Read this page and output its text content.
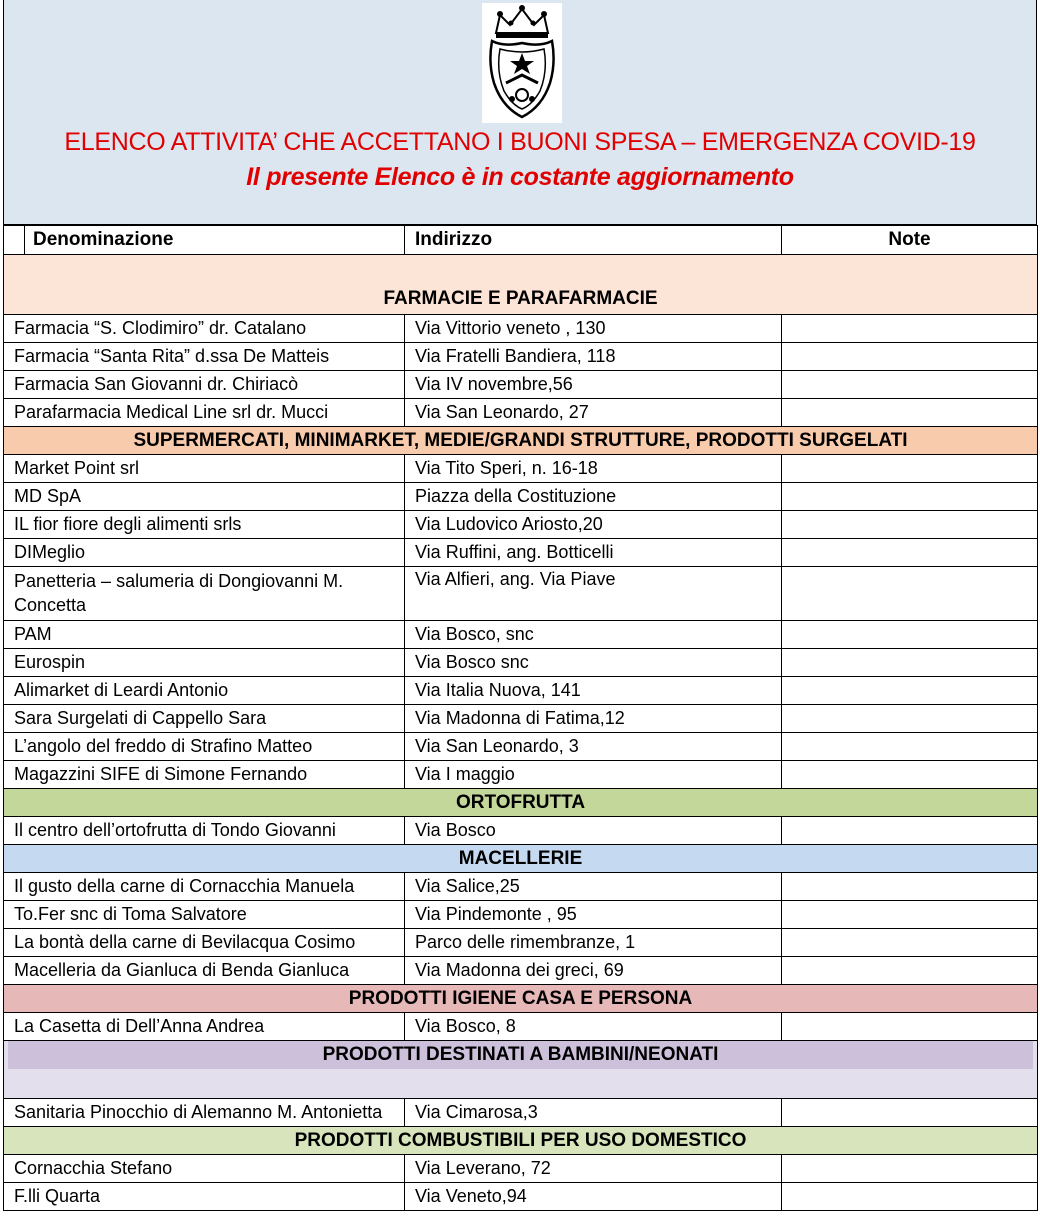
ELENCO ATTIVITA’ CHE ACCETTANO I BUONI SPESA – EMERGENZA COVID-19
Il presente Elenco è in costante aggiornamento
Denominazione	Indirizzo	Note
FARMACIE E PARAFARMACIE		
Farmacia “S. Clodimiro” dr. Catalano	Via Vittorio veneto , 130	
Farmacia “Santa Rita” d.ssa De Matteis	Via Fratelli Bandiera, 118	
Farmacia San Giovanni dr. Chiriacò	Via IV novembre,56	
Parafarmacia Medical Line srl dr. Mucci	Via San Leonardo, 27	
SUPERMERCATI, MINIMARKET, MEDIE/GRANDI STRUTTURE, PRODOTTI SURGELATI		
Market Point srl	Via Tito Speri, n. 16-18	
MD SpA	Piazza della Costituzione	
IL fior fiore degli alimenti srls	Via Ludovico Ariosto,20	
DIMeglio	Via Ruffini, ang. Botticelli	
Panetteria – salumeria di Dongiovanni M. Concetta	Via Alfieri, ang. Via Piave	
PAM	Via Bosco, snc	
Eurospin	Via Bosco snc	
Alimarket di Leardi Antonio	Via Italia Nuova, 141	
Sara Surgelati di Cappello Sara	Via Madonna di Fatima,12	
L’angolo del freddo di Strafino Matteo	Via San Leonardo, 3	
Magazzini SIFE di Simone Fernando	Via I maggio	
ORTOFRUTTA		
Il centro dell’ortofrutta di Tondo Giovanni	Via Bosco	
MACELLERIE		
Il gusto della carne di Cornacchia Manuela	Via Salice,25	
To.Fer snc di Toma Salvatore	Via Pindemonte , 95	
La bontà della carne di Bevilacqua Cosimo	Parco delle rimembranze, 1	
Macelleria da Gianluca di Benda Gianluca	Via Madonna dei greci, 69	
PRODOTTI IGIENE CASA E PERSONA		
La Casetta di Dell’Anna Andrea	Via Bosco, 8	

PRODOTTI DESTINATI A BAMBINI/NEONATI		

Sanitaria Pinocchio di Alemanno M. Antonietta	Via Cimarosa,3	
PRODOTTI COMBUSTIBILI PER USO DOMESTICO		
Cornacchia Stefano	Via Leverano, 72	
F.lli Quarta	Via Veneto,94	
